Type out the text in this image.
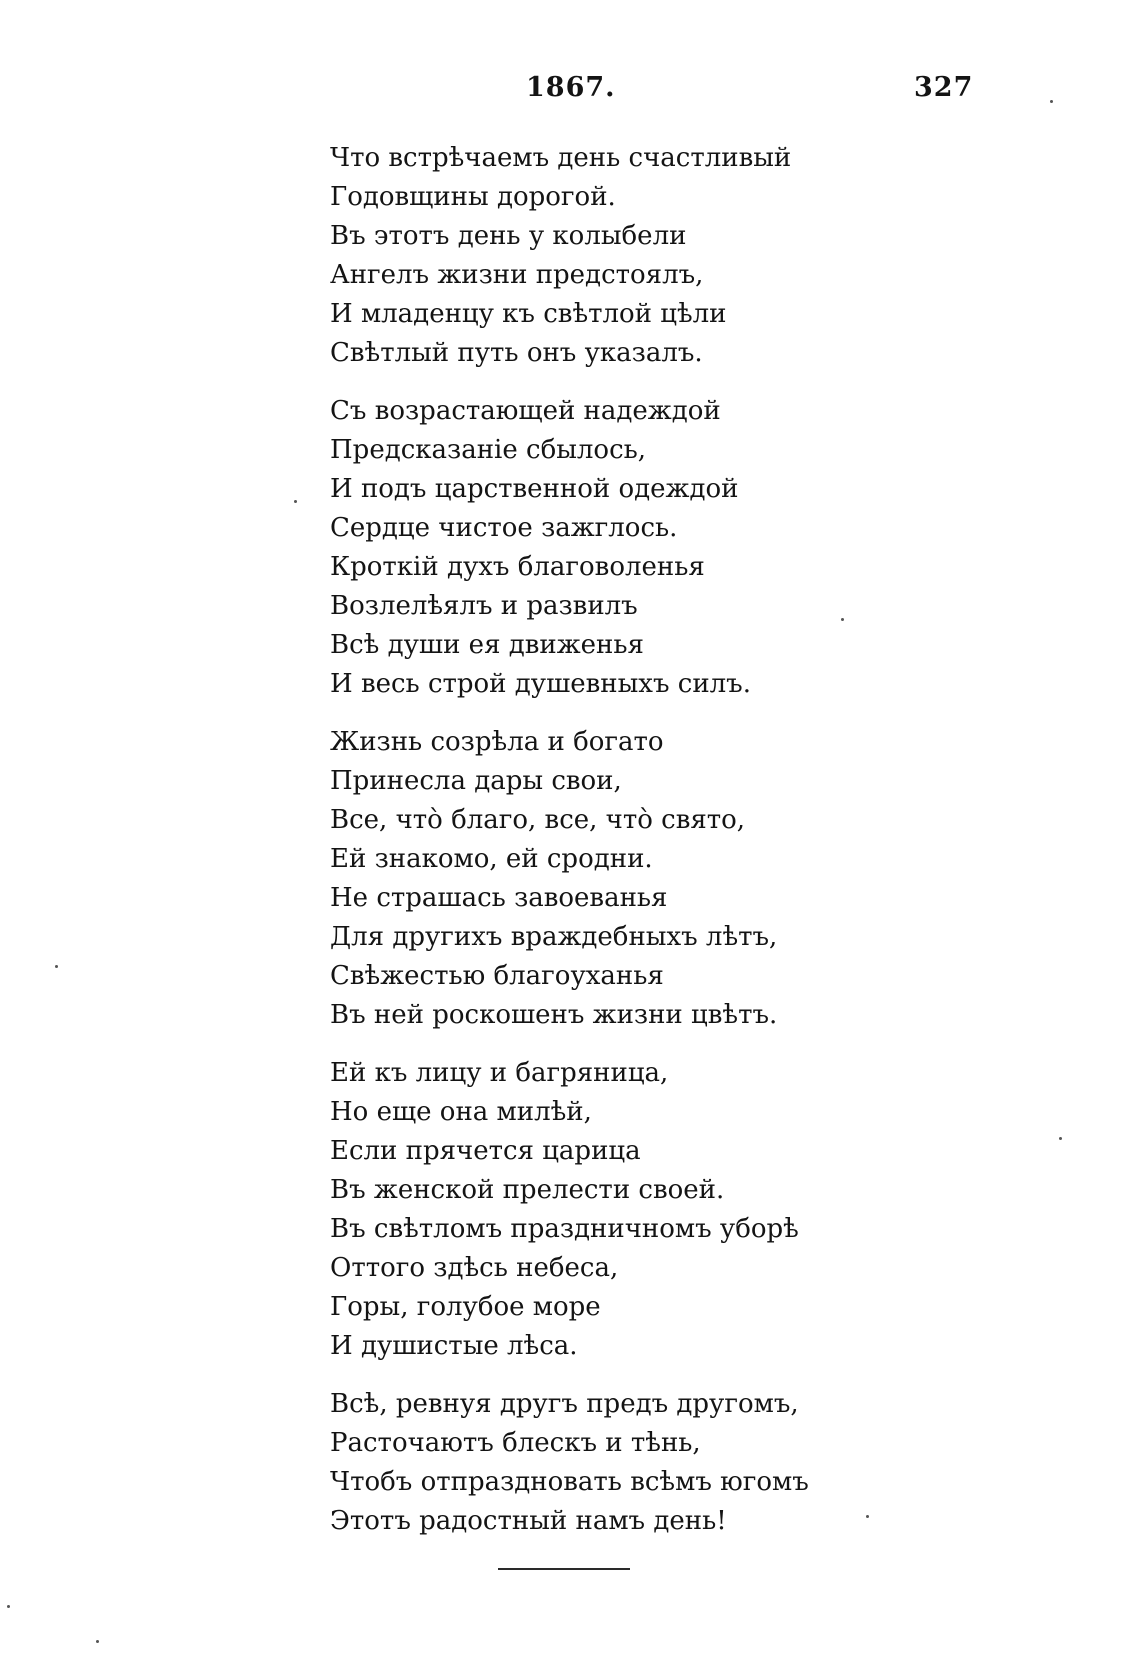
1867.	327
Что встрѣчаемъ день счастливый
Годовщины дорогой.
Въ этотъ день у колыбели
Ангелъ жизни предстоялъ,
И младенцу къ свѣтлой цѣли
Свѣтлый путь онъ указалъ.
Съ возрастающей надеждой
Предсказаніе сбылось,
И подъ царственной одеждой
Сердце чистое зажглось.
Кроткій духъ благоволенья
Возлелѣялъ и развилъ
Всѣ души ея движенья
И весь строй душевныхъ силъ.
Жизнь созрѣла и богато
Принесла дары свои,
Все, что̀ благо, все, что̀ свято,
Ей знакомо, ей сродни.
Не страшась завоеванья
Для другихъ враждебныхъ лѣтъ,
Свѣжестью благоуханья
Въ ней роскошенъ жизни цвѣтъ.
Ей къ лицу и багряница,
Но еще она милѣй,
Если прячется царица
Въ женской прелести своей.
Въ свѣтломъ праздничномъ уборѣ
Оттого здѣсь небеса,
Горы, голубое море
И душистые лѣса.
Всѣ, ревнуя другъ предъ другомъ,
Расточаютъ блескъ и тѣнь,
Чтобъ отпраздновать всѣмъ югомъ
Этотъ радостный намъ день!
